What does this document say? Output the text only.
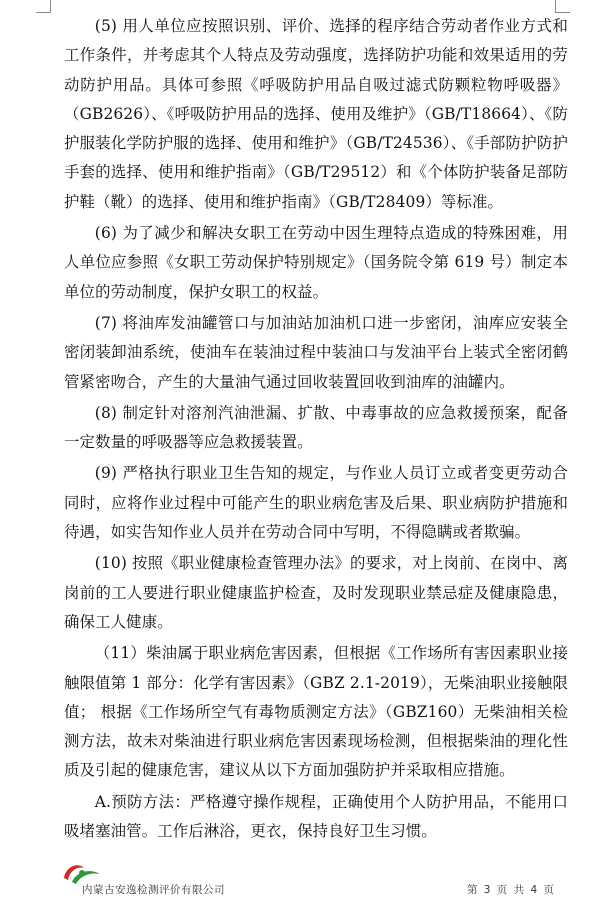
(5) 用人单位应按照识别、评价、选择的程序结合劳动者作业方式和工作条件，并考虑其个人特点及劳动强度，选择防护功能和效果适用的劳动防护用品。具体可参照《呼吸防护用品自吸过滤式防颗粒物呼吸器》（GB2626）、《呼吸防护用品的选择、使用及维护》（GB/T18664）、《防护服装化学防护服的选择、使用和维护》（GB/T24536）、《手部防护防护手套的选择、使用和维护指南》（GB/T29512）和《个体防护装备足部防护鞋（靴）的选择、使用和维护指南》（GB/T28409）等标准。

(6) 为了减少和解决女职工在劳动中因生理特点造成的特殊困难，用人单位应参照《女职工劳动保护特别规定》（国务院令第 619 号）制定本单位的劳动制度，保护女职工的权益。

(7) 将油库发油罐管口与加油站加油机口进一步密闭，油库应安装全密闭装卸油系统，使油车在装油过程中装油口与发油平台上装式全密闭鹤管紧密吻合，产生的大量油气通过回收装置回收到油库的油罐内。

(8) 制定针对溶剂汽油泄漏、扩散、中毒事故的应急救援预案，配备一定数量的呼吸器等应急救援装置。

(9) 严格执行职业卫生告知的规定，与作业人员订立或者变更劳动合同时，应将作业过程中可能产生的职业病危害及后果、职业病防护措施和待遇，如实告知作业人员并在劳动合同中写明，不得隐瞒或者欺骗。

(10) 按照《职业健康检查管理办法》的要求，对上岗前、在岗中、离岗前的工人要进行职业健康监护检查，及时发现职业禁忌症及健康隐患，确保工人健康。

（11）柴油属于职业病危害因素，但根据《工作场所有害因素职业接触限值第 1 部分：化学有害因素》（GBZ 2.1-2019），无柴油职业接触限值； 根据《工作场所空气有毒物质测定方法》（GBZ160）无柴油相关检测方法，故未对柴油进行职业病危害因素现场检测，但根据柴油的理化性质及引起的健康危害，建议从以下方面加强防护并采取相应措施。

A.预防方法：严格遵守操作规程，正确使用个人防护用品，不能用口吸堵塞油管。工作后淋浴，更衣，保持良好卫生习惯。

内蒙古安逸检测评价有限公司	第 3 页 共 4 页
